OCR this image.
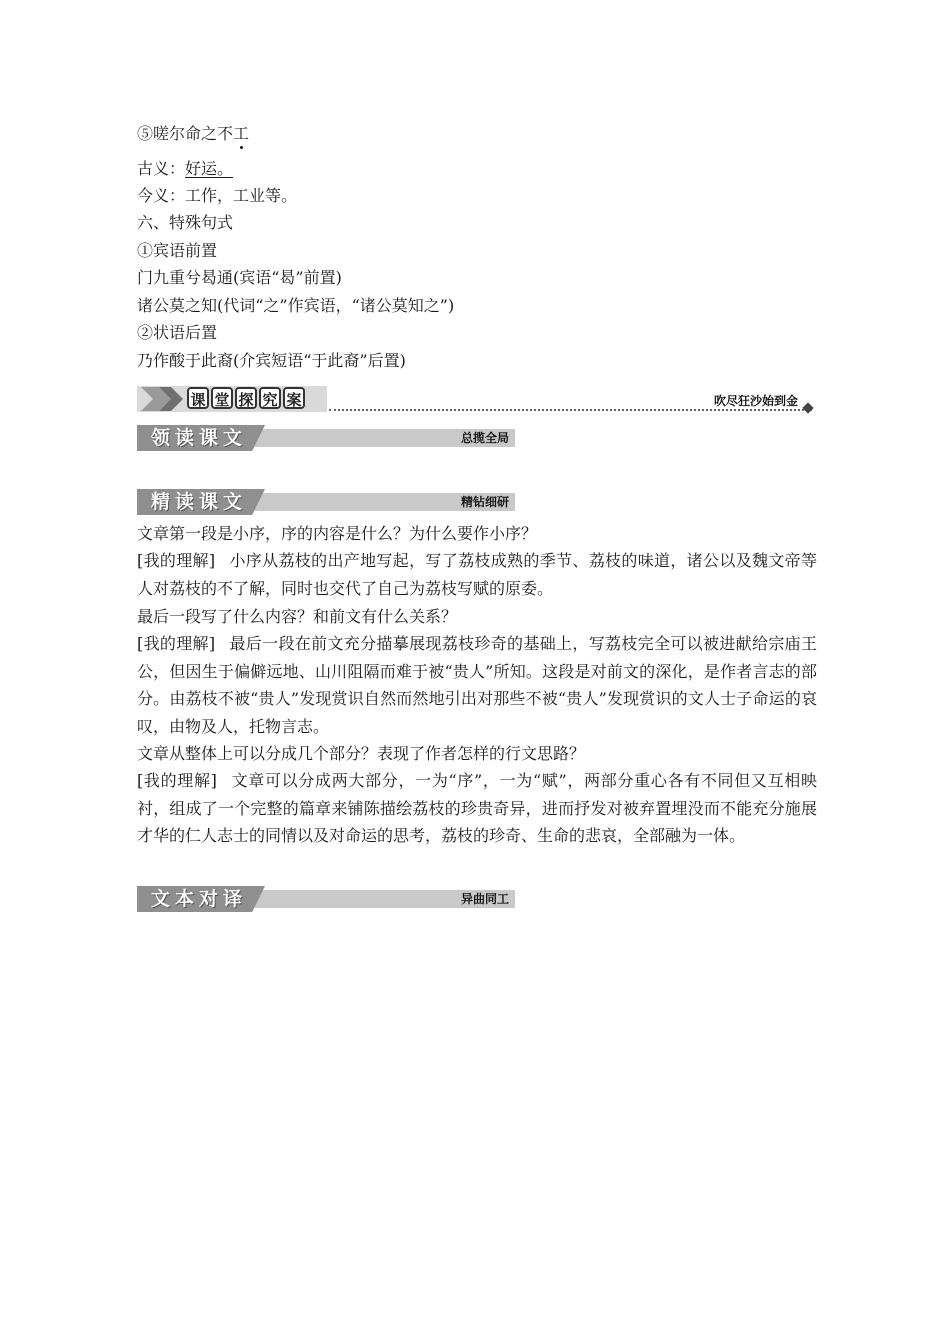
⑤嗟尔命之不工
古义：好运。
今义：工作，工业等。
六、特殊句式
①宾语前置
门九重兮曷通(宾语“曷”前置)
诸公莫之知(代词“之”作宾语，“诸公莫知之”)
②状语后置
乃作酸于此裔(介宾短语“于此裔”后置)
课 堂 探 究 案	吹尽狂沙始到金
领读课文	总揽全局
精读课文	精钻细研
文章第一段是小序，序的内容是什么？为什么要作小序？
[我的理解] 小序从荔枝的出产地写起，写了荔枝成熟的季节、荔枝的味道，诸公以及魏文帝等人对荔枝的不了解，同时也交代了自己为荔枝写赋的原委。
最后一段写了什么内容？和前文有什么关系？
[我的理解] 最后一段在前文充分描摹展现荔枝珍奇的基础上，写荔枝完全可以被进献给宗庙王公，但因生于偏僻远地、山川阻隔而难于被“贵人”所知。这段是对前文的深化，是作者言志的部分。由荔枝不被“贵人”发现赏识自然而然地引出对那些不被“贵人”发现赏识的文人士子命运的哀叹，由物及人，托物言志。
文章从整体上可以分成几个部分？表现了作者怎样的行文思路？
[我的理解] 文章可以分成两大部分，一为“序”，一为“赋”，两部分重心各有不同但又互相映衬，组成了一个完整的篇章来铺陈描绘荔枝的珍贵奇异，进而抒发对被弃置埋没而不能充分施展才华的仁人志士的同情以及对命运的思考，荔枝的珍奇、生命的悲哀，全部融为一体。
文本对译	异曲同工
